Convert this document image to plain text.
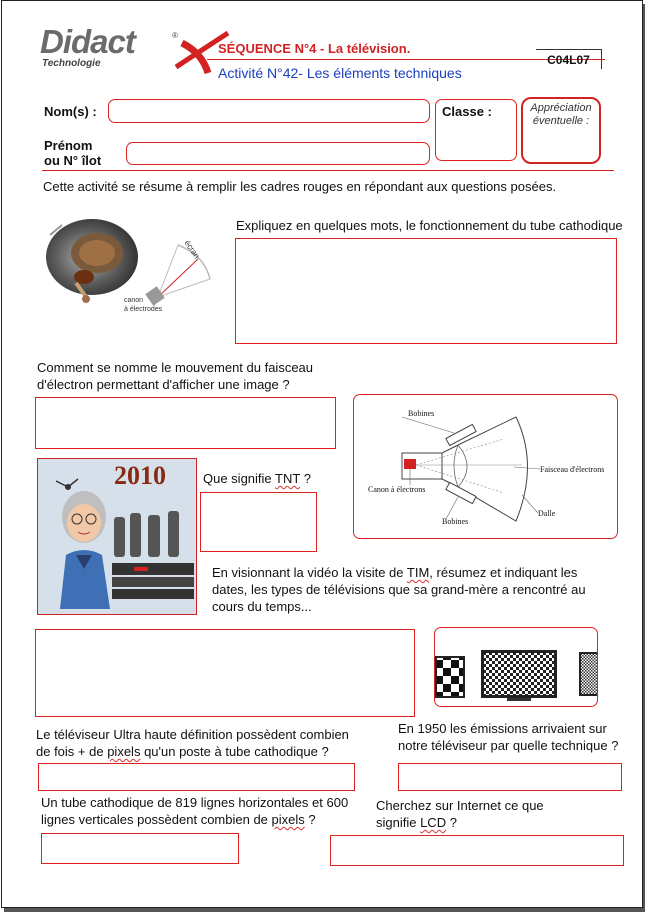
Didact	®
Technologie
SÉQUENCE N°4 - La télévision.
Activité N°42- Les éléments techniques
C04L07
Nom(s) :	Classe :	Appréciation éventuelle :
Prénom
ou N° îlot
Cette activité se résume à remplir les cadres rouges en répondant aux questions posées.
écran
canon
à électrodes
Expliquez en quelques mots, le fonctionnement du tube cathodique
Comment se nomme le mouvement du faisceau
d'électron permettant d'afficher une image ?
Bobines
Bobines
Faisceau d'électrons
Canon à électrons
Dalle
2010	Que signifie TNT ?
En visionnant la vidéo la visite de TIM, résumez et indiquant les
dates, les types de télévisions que sa grand-mère a rencontré au
cours du temps...
Le téléviseur Ultra haute définition possèdent combien
de fois + de pixels qu'un poste à tube cathodique ?
En 1950 les émissions arrivaient sur
notre téléviseur par quelle technique ?
Un tube cathodique de 819 lignes horizontales et 600
lignes verticales possèdent combien de pixels ?
Cherchez sur Internet ce que
signifie LCD ?
